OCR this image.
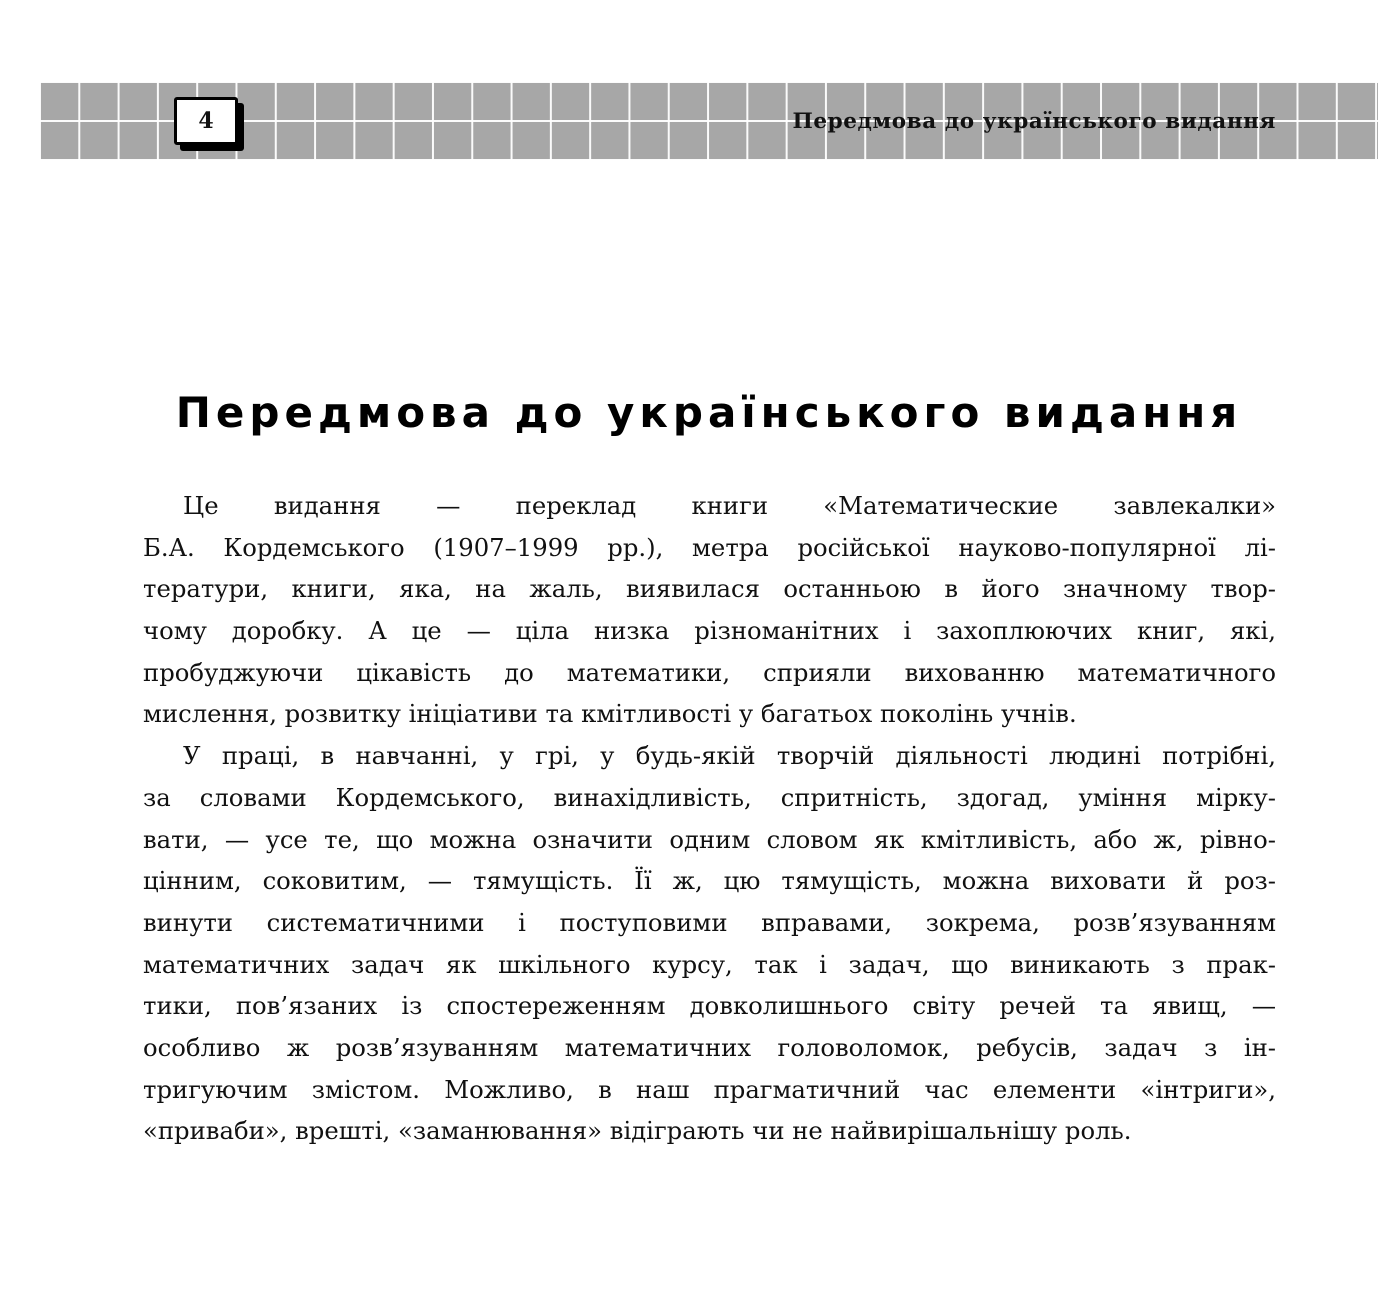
4	Передмова до українського видання
Передмова до українського видання
Це видання — переклад книги «Математические завлекалки»
Б.А. Кордемського (1907–1999 рр.), метра російської науково-популярної лі-
тератури, книги, яка, на жаль, виявилася останньою в його значному твор-
чому доробку. А це — ціла низка різноманітних і захоплюючих книг, які,
пробуджуючи цікавість до математики, сприяли вихованню математичного
мислення, розвитку ініціативи та кмітливості у багатьох поколінь учнів.
У праці, в навчанні, у грі, у будь-якій творчій діяльності людині потрібні,
за словами Кордемського, винахідливість, спритність, здогад, уміння мірку-
вати, — усе те, що можна означити одним словом як кмітливість, або ж, рівно-
цінним, соковитим, — тямущість. Її ж, цю тямущість, можна виховати й роз-
винути систематичними і поступовими вправами, зокрема, розв’язуванням
математичних задач як шкільного курсу, так і задач, що виникають з прак-
тики, пов’язаних із спостереженням довколишнього світу речей та явищ, —
особливо ж розв’язуванням математичних головоломок, ребусів, задач з ін-
тригуючим змістом. Можливо, в наш прагматичний час елементи «інтриги»,
«приваби», врешті, «заманювання» відіграють чи не найвирішальнішу роль.
